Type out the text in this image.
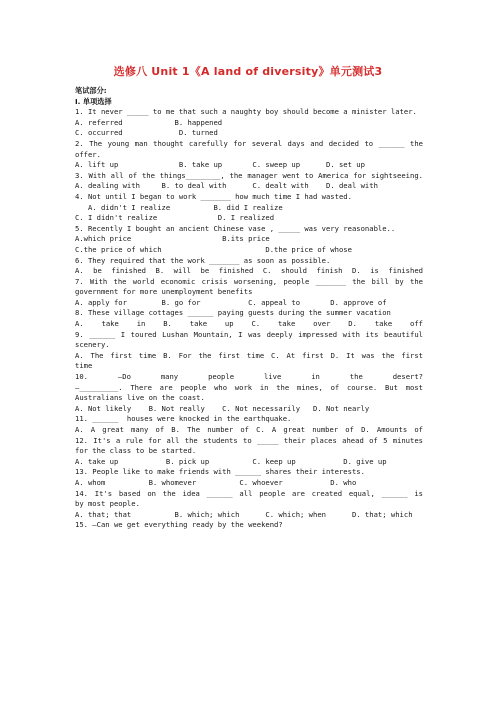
选修八 Unit 1《A land of diversity》单元测试3
笔试部分:
I. 单项选择
1. It never _____ to me that such a naughty boy should become a minister later.
A. referred            B. happened
C. occurred             D. turned
2. The young man thought carefully for several days and decided to ______ the
offer.
A. lift up              B. take up       C. sweep up      D. set up
3. With all of the things________, the manager went to America for sightseeing.
A. dealing with     B. to deal with      C. dealt with    D. deal with
4. Not until I began to work _______ how much time I had wasted.
A. didn't I realize          B. did I realize
C. I didn't realize              D. I realized
5. Recently I bought an ancient Chinese vase , _____ was very reasonable..
A.which price                     B.its price
C.the price of which                        D.the price of whose
6. They required that the work _______ as soon as possible.
A. be finished B. will be finished C. should finish D. is finished
7. With the world economic crisis worsening, people _______ the bill by the
government for more unemployment benefits
A. apply for        B. go for           C. appeal to       D. approve of
8. These village cottages ______ paying guests during the summer vacation
A. take in B. take up C. take over D. take off
9. ______ I toured Lushan Mountain, I was deeply impressed with its beautiful
scenery.
A. The first time B. For the first time C. At first D. It was the first
time
10. —Do many people live in the desert?
—_________. There are people who work in the mines, of course. But most
Australians live on the coast.
A. Not likely    B. Not really    C. Not necessarily   D. Not nearly
11. ______  houses were knocked in the earthquake.
A. A great many of B. The number of C. A great number of D. Amounts of
12. It's a rule for all the students to _____ their places ahead of 5 minutes
for the class to be started.
A. take up           B. pick up          C. keep up           D. give up
13. People like to make friends with ______ shares their interests.
A. whom          B. whomever          C. whoever           D. who
14. It's based on the idea ______ all people are created equal, ______ is
by most people.
A. that; that          B. which; which      C. which; when      D. that; which
15. —Can we get everything ready by the weekend?
